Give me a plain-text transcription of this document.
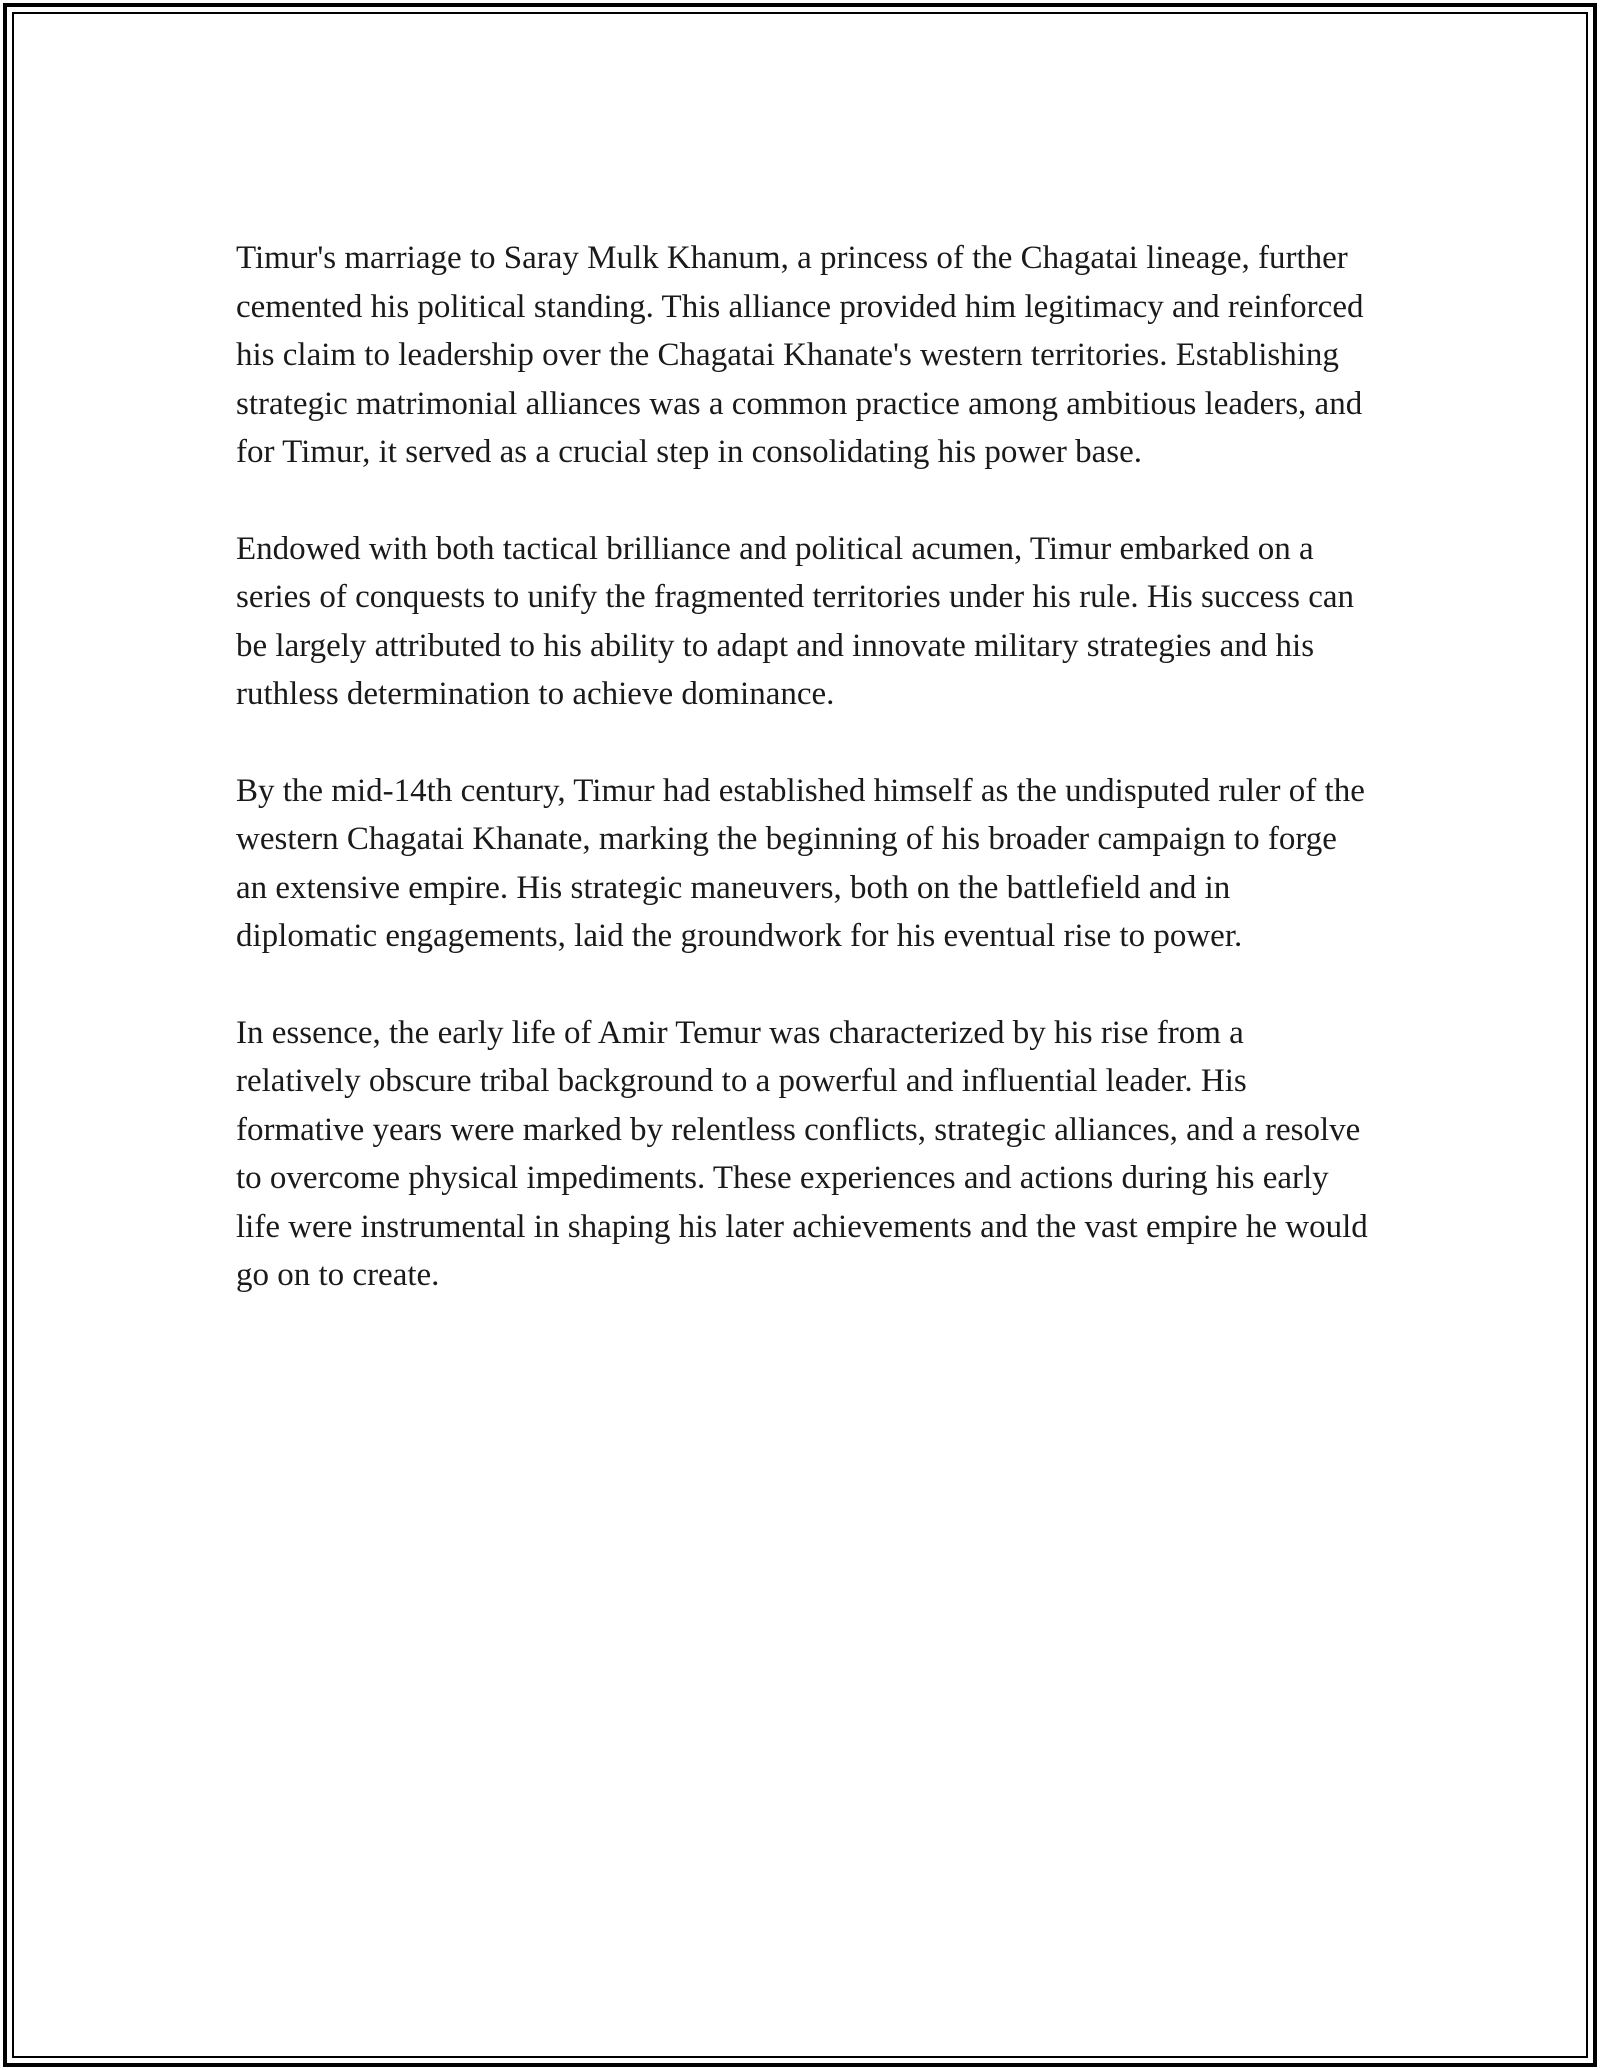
Timur's marriage to Saray Mulk Khanum, a princess of the Chagatai lineage, further cemented his political standing. This alliance provided him legitimacy and reinforced his claim to leadership over the Chagatai Khanate's western territories. Establishing strategic matrimonial alliances was a common practice among ambitious leaders, and for Timur, it served as a crucial step in consolidating his power base.

Endowed with both tactical brilliance and political acumen, Timur embarked on a series of conquests to unify the fragmented territories under his rule. His success can be largely attributed to his ability to adapt and innovate military strategies and his ruthless determination to achieve dominance.

By the mid-14th century, Timur had established himself as the undisputed ruler of the western Chagatai Khanate, marking the beginning of his broader campaign to forge an extensive empire. His strategic maneuvers, both on the battlefield and in diplomatic engagements, laid the groundwork for his eventual rise to power.

In essence, the early life of Amir Temur was characterized by his rise from a relatively obscure tribal background to a powerful and influential leader. His formative years were marked by relentless conflicts, strategic alliances, and a resolve to overcome physical impediments. These experiences and actions during his early life were instrumental in shaping his later achievements and the vast empire he would go on to create.
